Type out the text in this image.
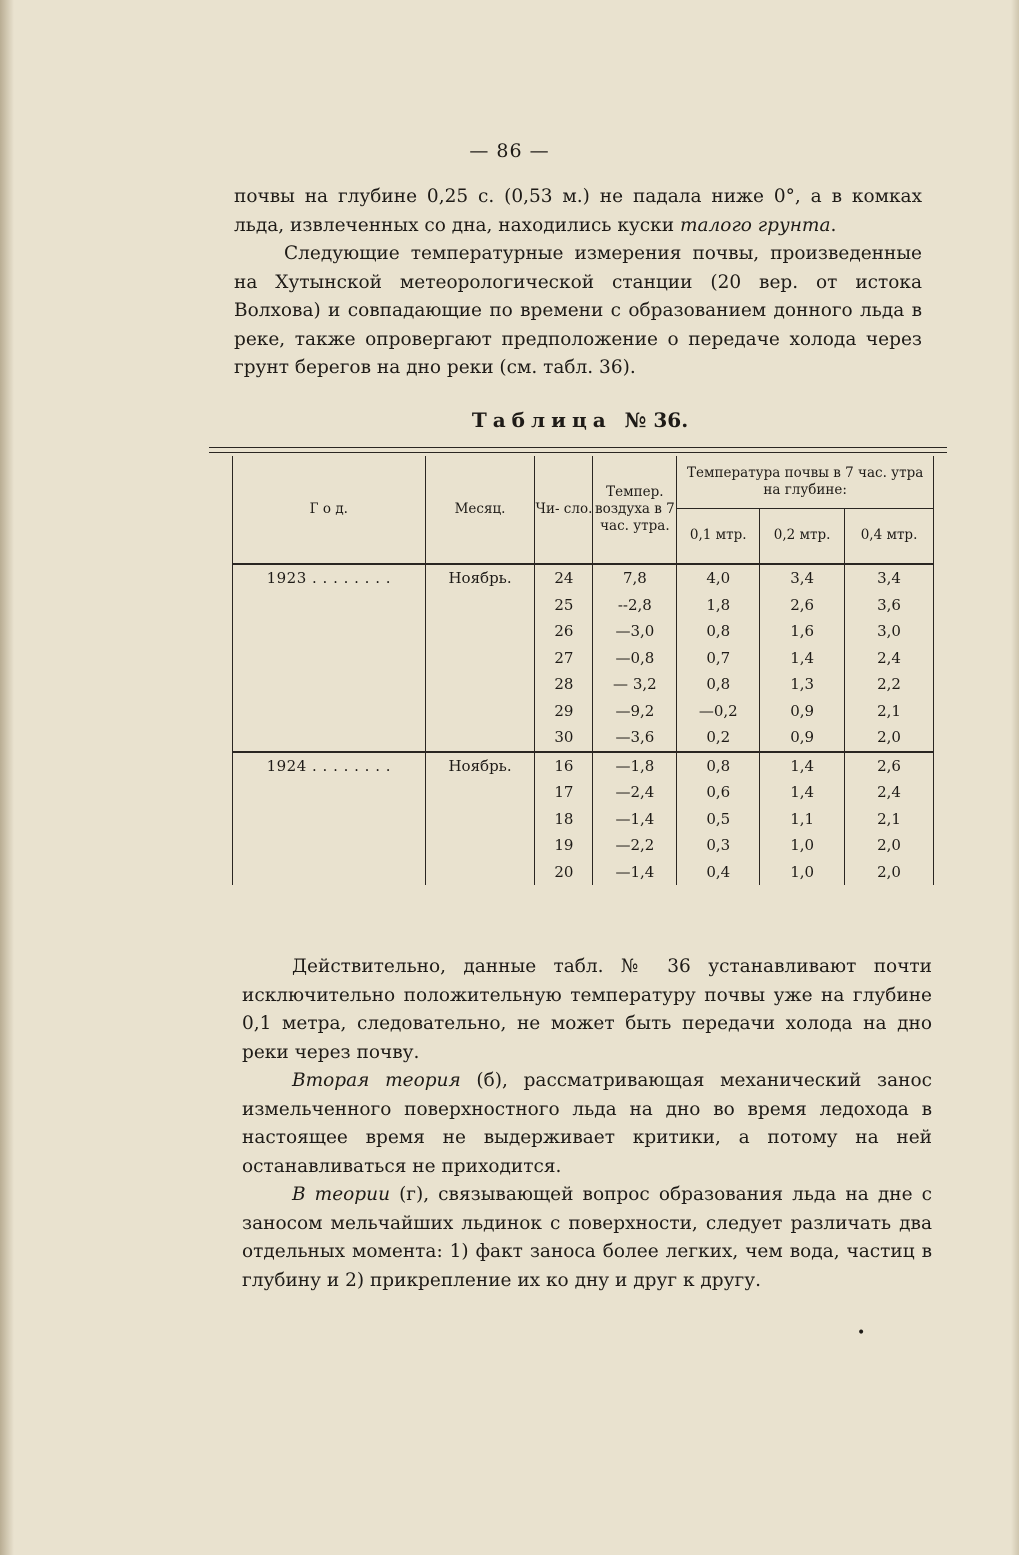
— 86 —

почвы на глубине 0,25 с. (0,53 м.) не падала ниже 0°, а в комках льда, извлеченных со дна, находились куски талого грунта.

Следующие температурные измерения почвы, произведенные на Хутынской метеорологической станции (20 вер. от истока Волхова) и совпадающие по времени с образованием донного льда в реке, также опровергают предположение о передаче холода через грунт берегов на дно реки (см. табл. 36).

Таблица № 36.
Г о д.	Месяц.	Чи- сло.	Темпер. воздуха в 7 час. утра.	Температура почвы в 7 час. утра на глубине:		
				0,1 мтр.	0,2 мтр.	0,4 мтр.
1923 . . . . . . . .	Ноябрь.	24	7,8	4,0	3,4	3,4
		25	--2,8	1,8	2,6	3,6
		26	—3,0	0,8	1,6	3,0
		27	—0,8	0,7	1,4	2,4
		28	— 3,2	0,8	1,3	2,2
		29	—9,2	—0,2	0,9	2,1
		30	—3,6	0,2	0,9	2,0
1924 . . . . . . . .	Ноябрь.	16	—1,8	0,8	1,4	2,6
		17	—2,4	0,6	1,4	2,4
		18	—1,4	0,5	1,1	2,1
		19	—2,2	0,3	1,0	2,0
		20	—1,4	0,4	1,0	2,0

Действительно, данные табл. № 36 устанавливают почти исключительно положительную температуру почвы уже на глубине 0,1 метра, следовательно, не может быть передачи холода на дно реки через почву.

Вторая теория (б), рассматривающая механический занос измельченного поверхностного льда на дно во время ледохода в настоящее время не выдерживает критики, а потому на ней останавливаться не приходится.

В теории (г), связывающей вопрос образования льда на дне с заносом мельчайших льдинок с поверхности, следует различать два отдельных момента: 1) факт заноса более легких, чем вода, частиц в глубину и 2) прикрепление их ко дну и друг к другу.

•
